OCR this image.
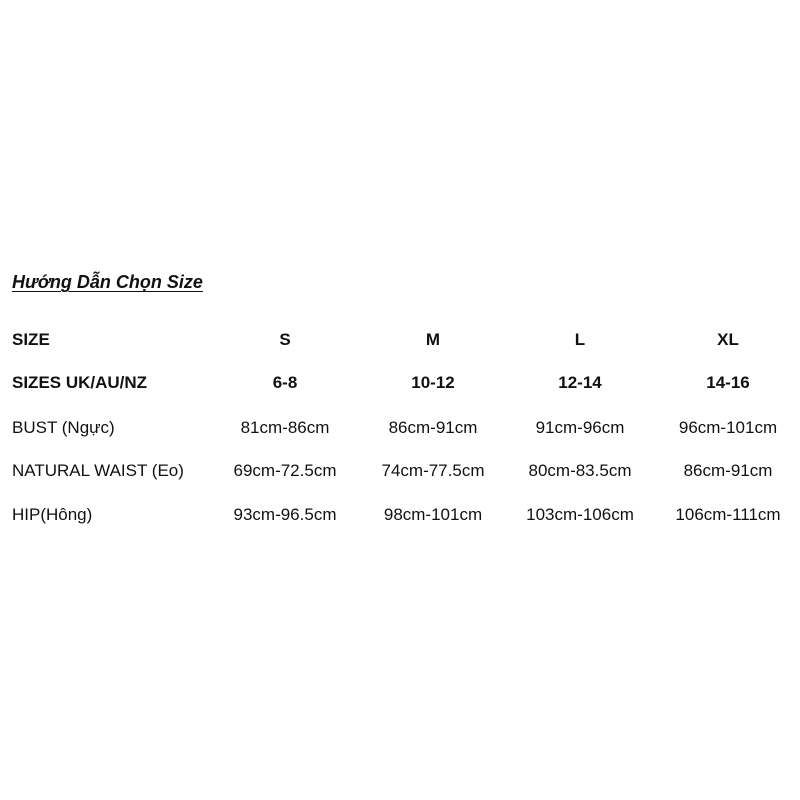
Hướng Dẫn Chọn Size
SIZE	S	M	L	XL
SIZES UK/AU/NZ	6-8	10-12	12-14	14-16
BUST (Ngực)	81cm-86cm	86cm-91cm	91cm-96cm	96cm-101cm
NATURAL WAIST (Eo)	69cm-72.5cm	74cm-77.5cm	80cm-83.5cm	86cm-91cm
HIP(Hông)	93cm-96.5cm	98cm-101cm	103cm-106cm	106cm-111cm
